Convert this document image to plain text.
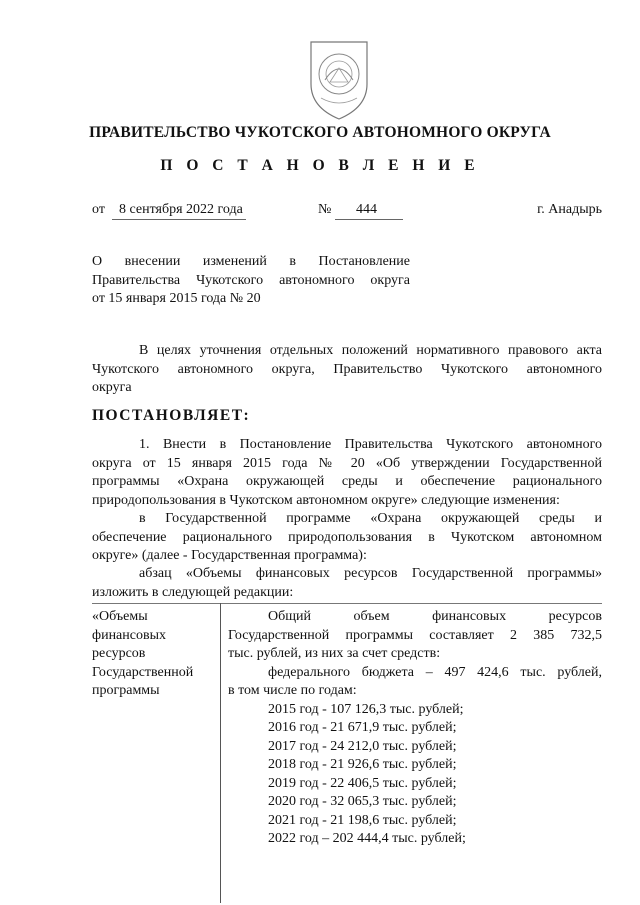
ПРАВИТЕЛЬСТВО ЧУКОТСКОГО АВТОНОМНОГО ОКРУГА
П О С Т А Н О В Л Е Н И Е
от 8 сентября 2022 года	№ 444	г. Анадырь
О внесении изменений в Постановление
Правительства Чукотского автономного округа
от 15 января 2015 года № 20
В целях уточнения отдельных положений нормативного правового акта
Чукотского автономного округа, Правительство Чукотского автономного
округа
ПОСТАНОВЛЯЕТ:
1. Внести в Постановление Правительства Чукотского автономного
округа от 15 января 2015 года № 20 «Об утверждении Государственной
программы «Охрана окружающей среды и обеспечение рационального
природопользования в Чукотском автономном округе» следующие изменения:
в Государственной программе «Охрана окружающей среды и
обеспечение рационального природопользования в Чукотском автономном
округе» (далее - Государственная программа):
абзац «Объемы финансовых ресурсов Государственной программы»
изложить в следующей редакции:
«Объемы
финансовых
ресурсов
Государственной
программы
Общий объем финансовых ресурсов
Государственной программы составляет 2 385 732,5
тыс. рублей, из них за счет средств:
федерального бюджета – 497 424,6 тыс. рублей,
в том числе по годам:
2015 год - 107 126,3 тыс. рублей;
2016 год - 21 671,9 тыс. рублей;
2017 год - 24 212,0 тыс. рублей;
2018 год - 21 926,6 тыс. рублей;
2019 год - 22 406,5 тыс. рублей;
2020 год - 32 065,3 тыс. рублей;
2021 год - 21 198,6 тыс. рублей;
2022 год – 202 444,4 тыс. рублей;
